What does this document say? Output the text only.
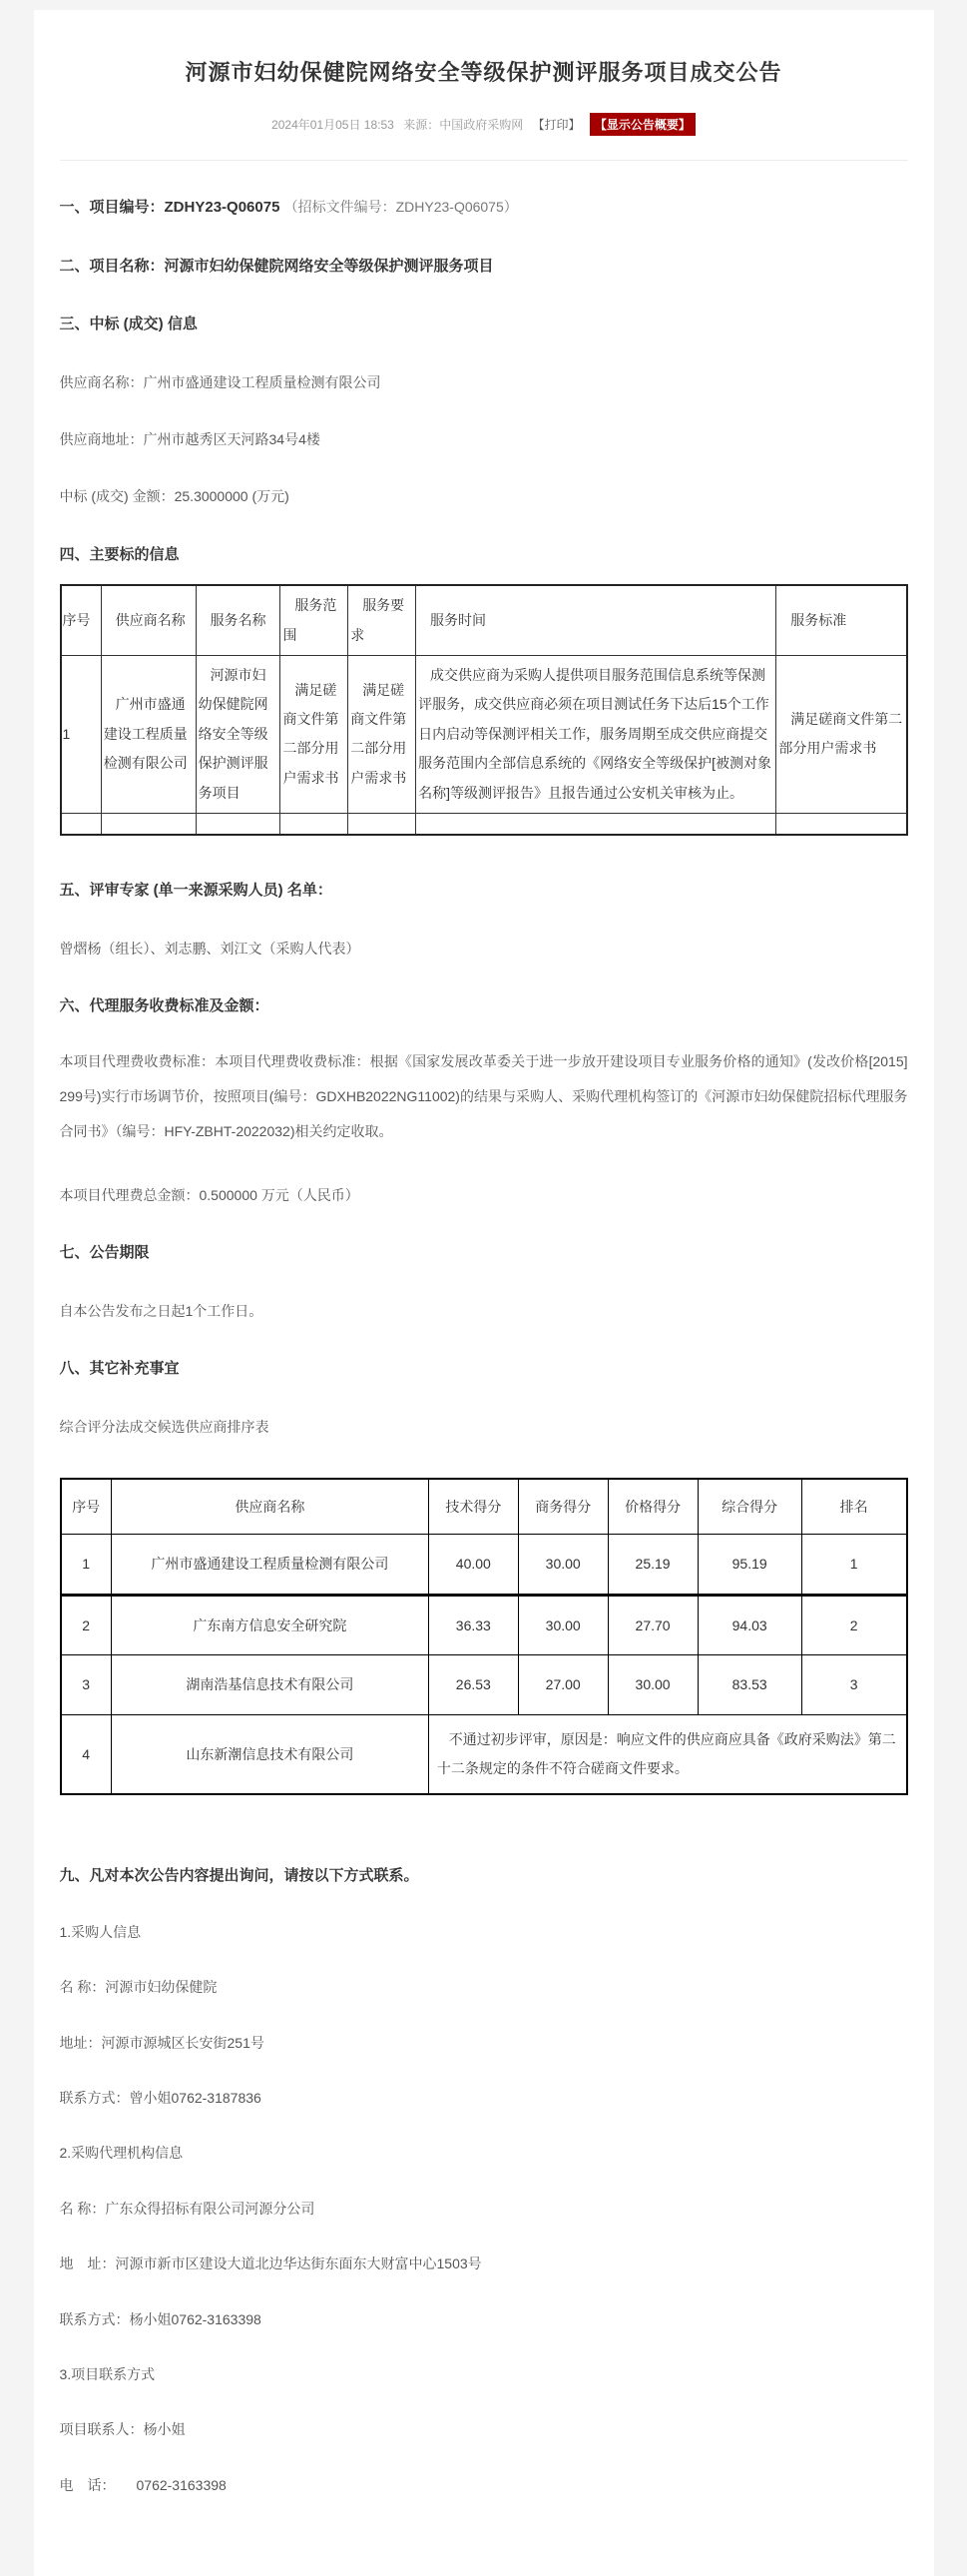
河源市妇幼保健院网络安全等级保护测评服务项目成交公告
2024年01月05日 18:53 来源：中国政府采购网 【打印】 【显示公告概要】

一、项目编号：ZDHY23-Q06075 （招标文件编号：ZDHY23-Q06075）

二、项目名称：河源市妇幼保健院网络安全等级保护测评服务项目

三、中标 (成交) 信息

供应商名称：广州市盛通建设工程质量检测有限公司

供应商地址：广州市越秀区天河路34号4楼

中标 (成交) 金额：25.3000000 (万元)

四、主要标的信息

序号	供应商名称	服务名称	服务范围	服务要求	服务时间	服务标准
1	广州市盛通建设工程质量检测有限公司	河源市妇幼保健院网络安全等级保护测评服务项目	满足磋商文件第二部分用户需求书	满足磋商文件第二部分用户需求书	成交供应商为采购人提供项目服务范围信息系统等保测评服务，成交供应商必须在项目测试任务下达后15个工作日内启动等保测评相关工作，服务周期至成交供应商提交服务范围内全部信息系统的《网络安全等级保护[被测对象名称]等级测评报告》且报告通过公安机关审核为止。	满足磋商文件第二部分用户需求书

五、评审专家 (单一来源采购人员) 名单：

曾熠杨（组长）、刘志鹏、刘江文（采购人代表）

六、代理服务收费标准及金额：

本项目代理费收费标准：本项目代理费收费标准：根据《国家发展改革委关于进一步放开建设项目专业服务价格的通知》(发改价格[2015] 299号)实行市场调节价，按照项目(编号：GDXHB2022NG11002)的结果与采购人、采购代理机构签订的《河源市妇幼保健院招标代理服务合同书》（编号：HFY-ZBHT-2022032)相关约定收取。

本项目代理费总金额：0.500000 万元（人民币）

七、公告期限

自本公告发布之日起1个工作日。

八、其它补充事宜

综合评分法成交候选供应商排序表

序号	供应商名称	技术得分	商务得分	价格得分	综合得分	排名
1	广州市盛通建设工程质量检测有限公司	40.00	30.00	25.19	95.19	1
2	广东南方信息安全研究院	36.33	30.00	27.70	94.03	2
3	湖南浩基信息技术有限公司	26.53	27.00	30.00	83.53	3
4	山东新潮信息技术有限公司	不通过初步评审，原因是：响应文件的供应商应具备《政府采购法》第二十二条规定的条件不符合磋商文件要求。				

九、凡对本次公告内容提出询问，请按以下方式联系。

1.采购人信息

名 称：河源市妇幼保健院

地址：河源市源城区长安街251号

联系方式：曾小姐0762-3187836

2.采购代理机构信息

名 称：广东众得招标有限公司河源分公司

地　址：河源市新市区建设大道北边华达街东面东大财富中心1503号

联系方式：杨小姐0762-3163398

3.项目联系方式

项目联系人：杨小姐

电　话：　　0762-3163398
